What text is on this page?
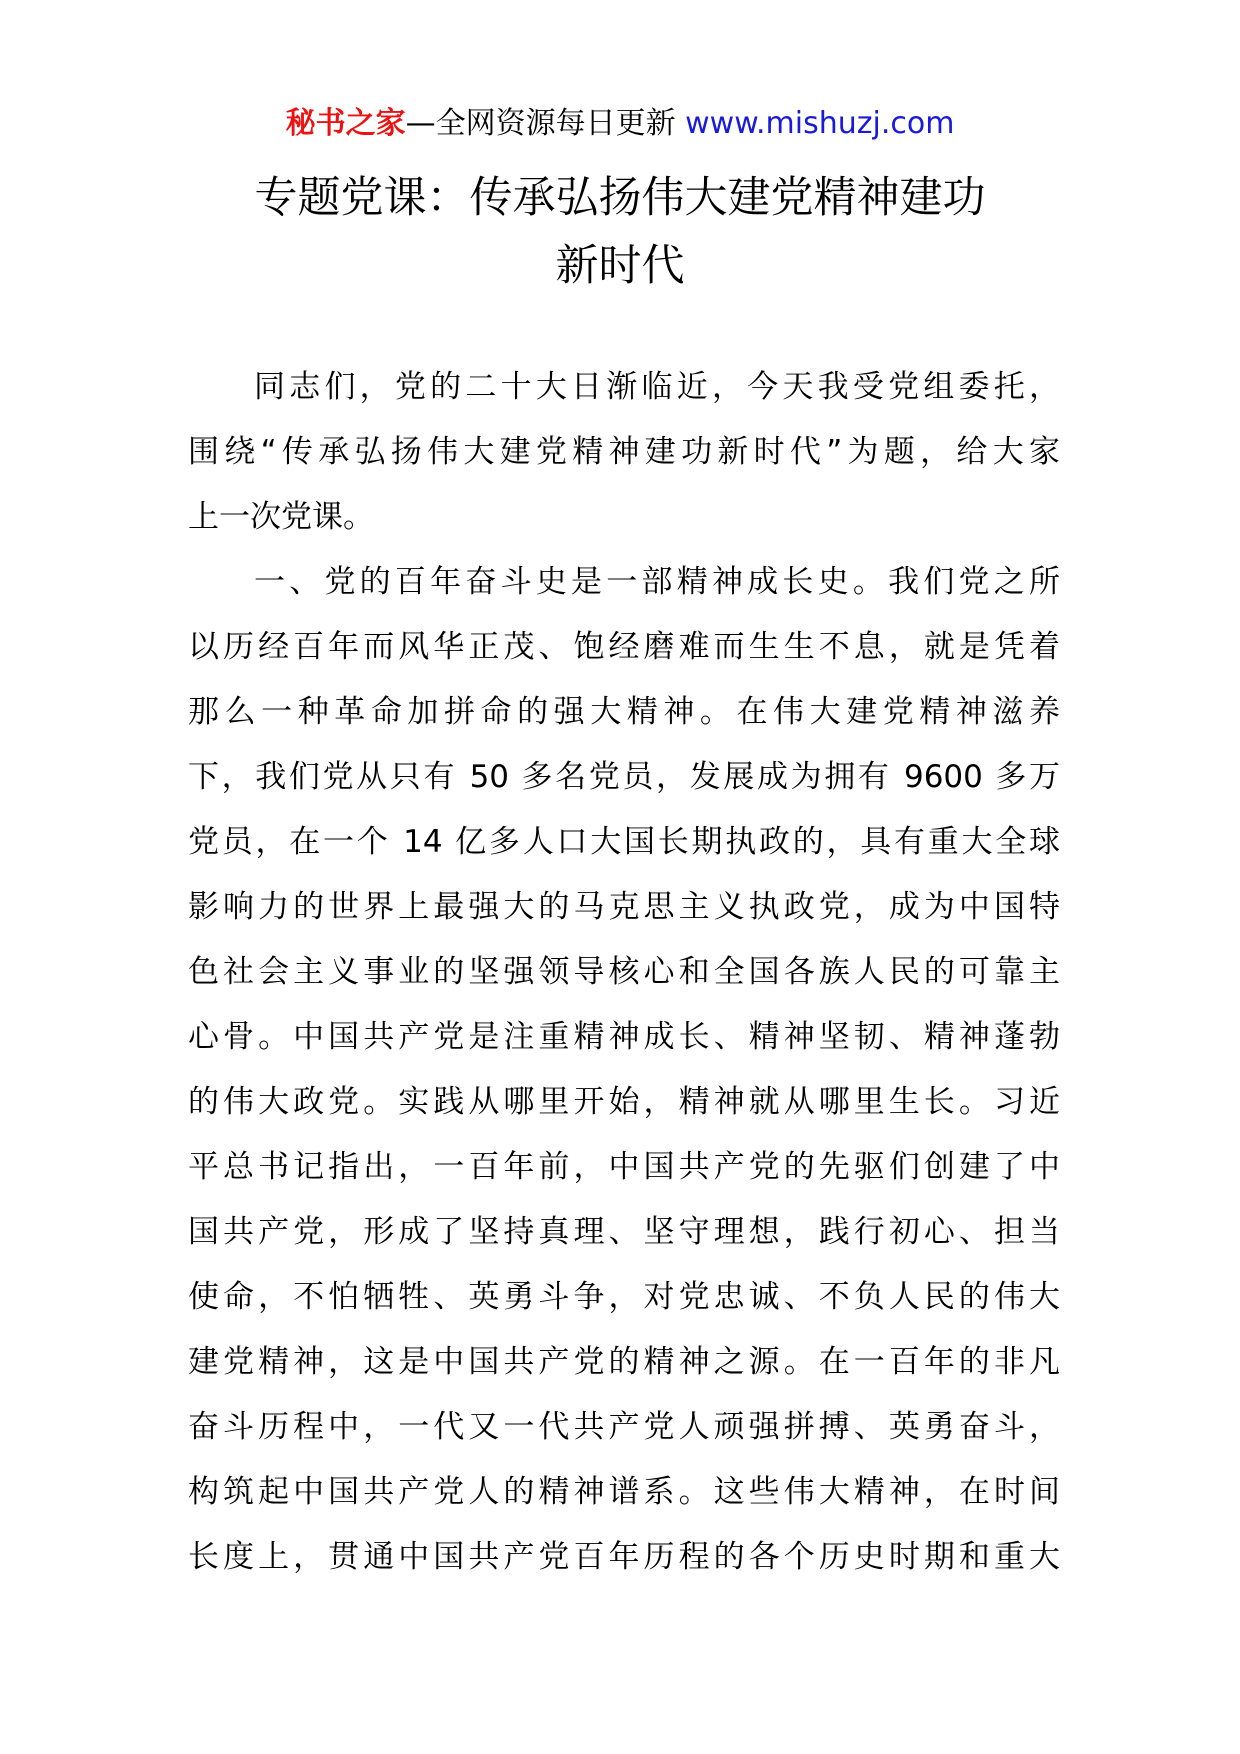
秘书之家—全网资源每日更新 www.mishuzj.com
专题党课：传承弘扬伟大建党精神建功
新时代
同志们，党的二十大日渐临近，今天我受党组委托，
围绕“传承弘扬伟大建党精神建功新时代”为题，给大家
上一次党课。
一、党的百年奋斗史是一部精神成长史。我们党之所
以历经百年而风华正茂、饱经磨难而生生不息，就是凭着
那么一种革命加拼命的强大精神。在伟大建党精神滋养
下，我们党从只有 50 多名党员，发展成为拥有 9600 多万
党员，在一个 14 亿多人口大国长期执政的，具有重大全球
影响力的世界上最强大的马克思主义执政党，成为中国特
色社会主义事业的坚强领导核心和全国各族人民的可靠主
心骨。中国共产党是注重精神成长、精神坚韧、精神蓬勃
的伟大政党。实践从哪里开始，精神就从哪里生长。习近
平总书记指出，一百年前，中国共产党的先驱们创建了中
国共产党，形成了坚持真理、坚守理想，践行初心、担当
使命，不怕牺牲、英勇斗争，对党忠诚、不负人民的伟大
建党精神，这是中国共产党的精神之源。在一百年的非凡
奋斗历程中，一代又一代共产党人顽强拼搏、英勇奋斗，
构筑起中国共产党人的精神谱系。这些伟大精神，在时间
长度上，贯通中国共产党百年历程的各个历史时期和重大
